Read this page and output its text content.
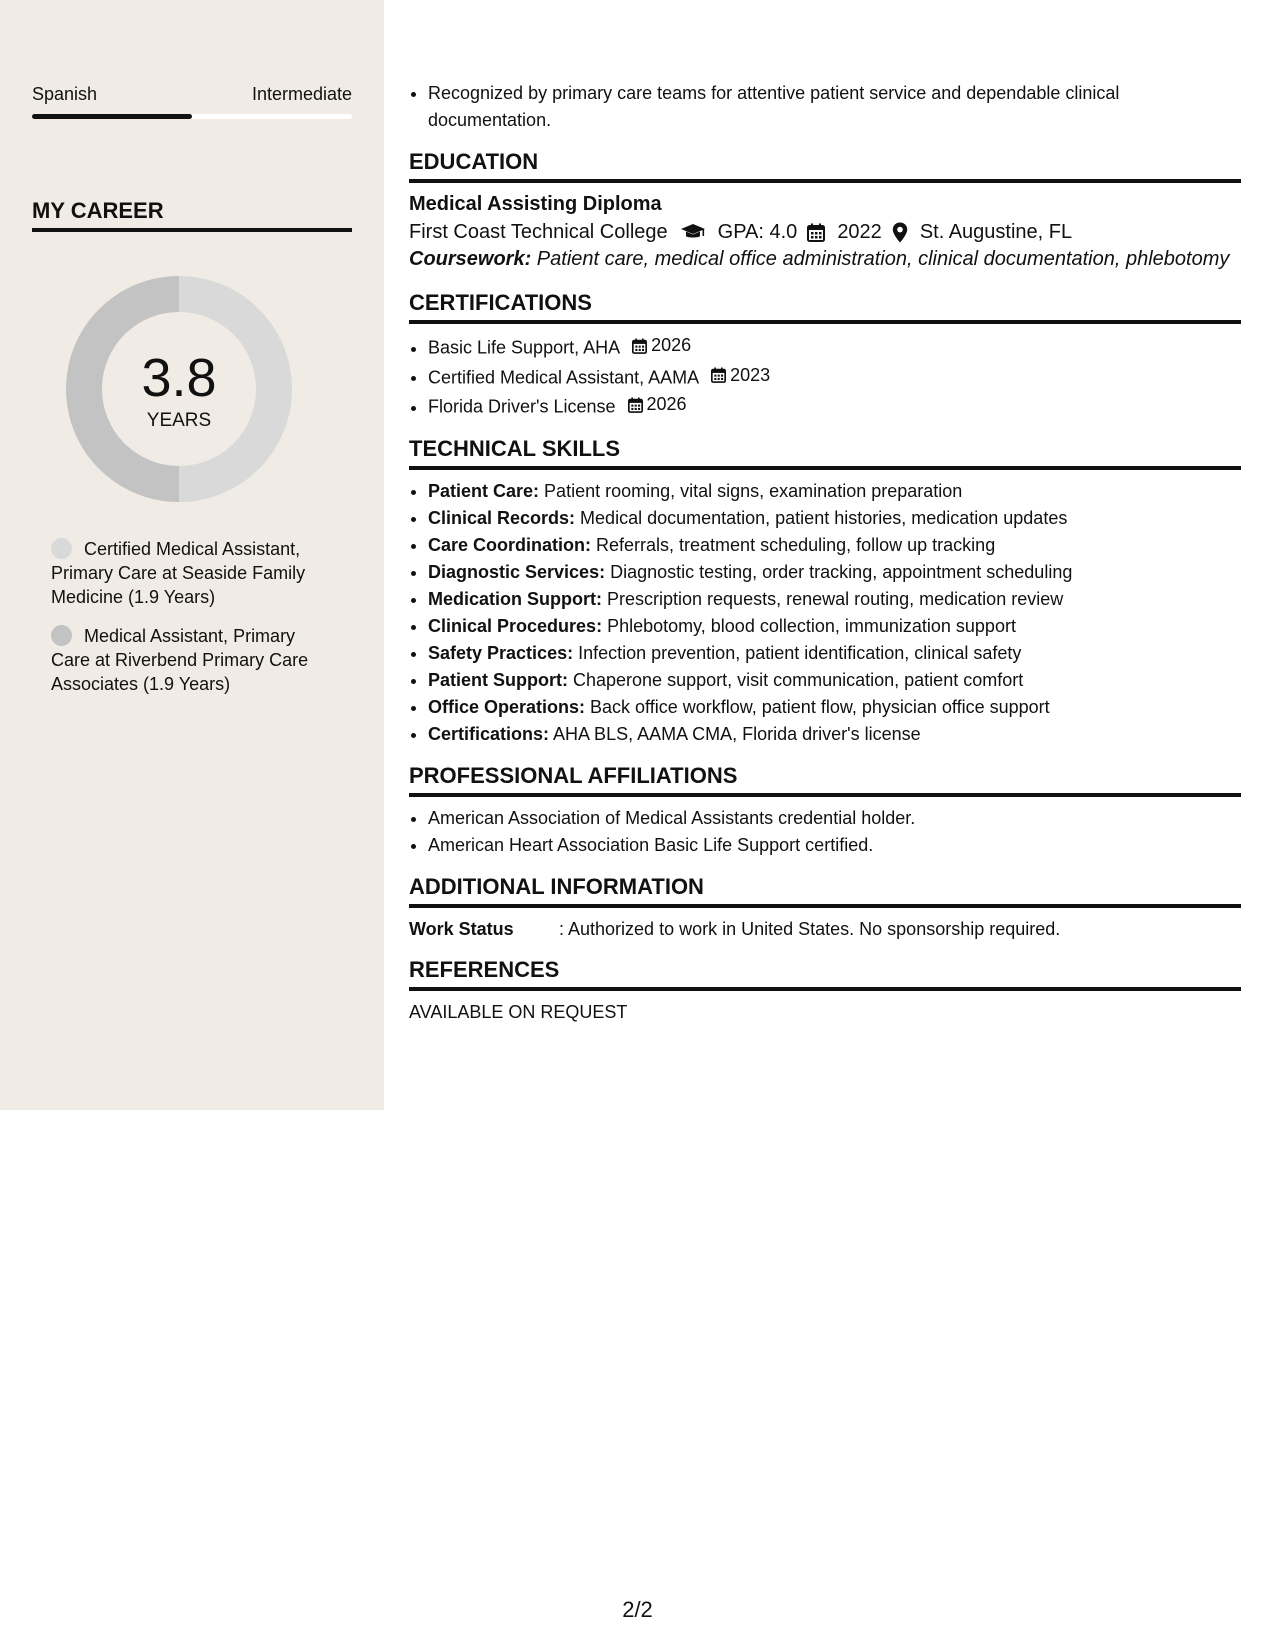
Spanish	Intermediate
MY CAREER
3.8
YEARS
Certified Medical Assistant, Primary Care at Seaside Family Medicine (1.9 Years)
Medical Assistant, Primary Care at Riverbend Primary Care Associates (1.9 Years)
• Recognized by primary care teams for attentive patient service and dependable clinical documentation.
EDUCATION
Medical Assisting Diploma
First Coast Technical College	GPA: 4.0 2022 St. Augustine, FL
Coursework: Patient care, medical office administration, clinical documentation, phlebotomy
CERTIFICATIONS
• Basic Life Support, AHA 2026
• Certified Medical Assistant, AAMA 2023
• Florida Driver's License 2026
TECHNICAL SKILLS
• Patient Care: Patient rooming, vital signs, examination preparation
• Clinical Records: Medical documentation, patient histories, medication updates
• Care Coordination: Referrals, treatment scheduling, follow up tracking
• Diagnostic Services: Diagnostic testing, order tracking, appointment scheduling
• Medication Support: Prescription requests, renewal routing, medication review
• Clinical Procedures: Phlebotomy, blood collection, immunization support
• Safety Practices: Infection prevention, patient identification, clinical safety
• Patient Support: Chaperone support, visit communication, patient comfort
• Office Operations: Back office workflow, patient flow, physician office support
• Certifications: AHA BLS, AAMA CMA, Florida driver's license
PROFESSIONAL AFFILIATIONS
• American Association of Medical Assistants credential holder.
• American Heart Association Basic Life Support certified.
ADDITIONAL INFORMATION
Work Status	: Authorized to work in United States. No sponsorship required.
REFERENCES
AVAILABLE ON REQUEST
2/2
